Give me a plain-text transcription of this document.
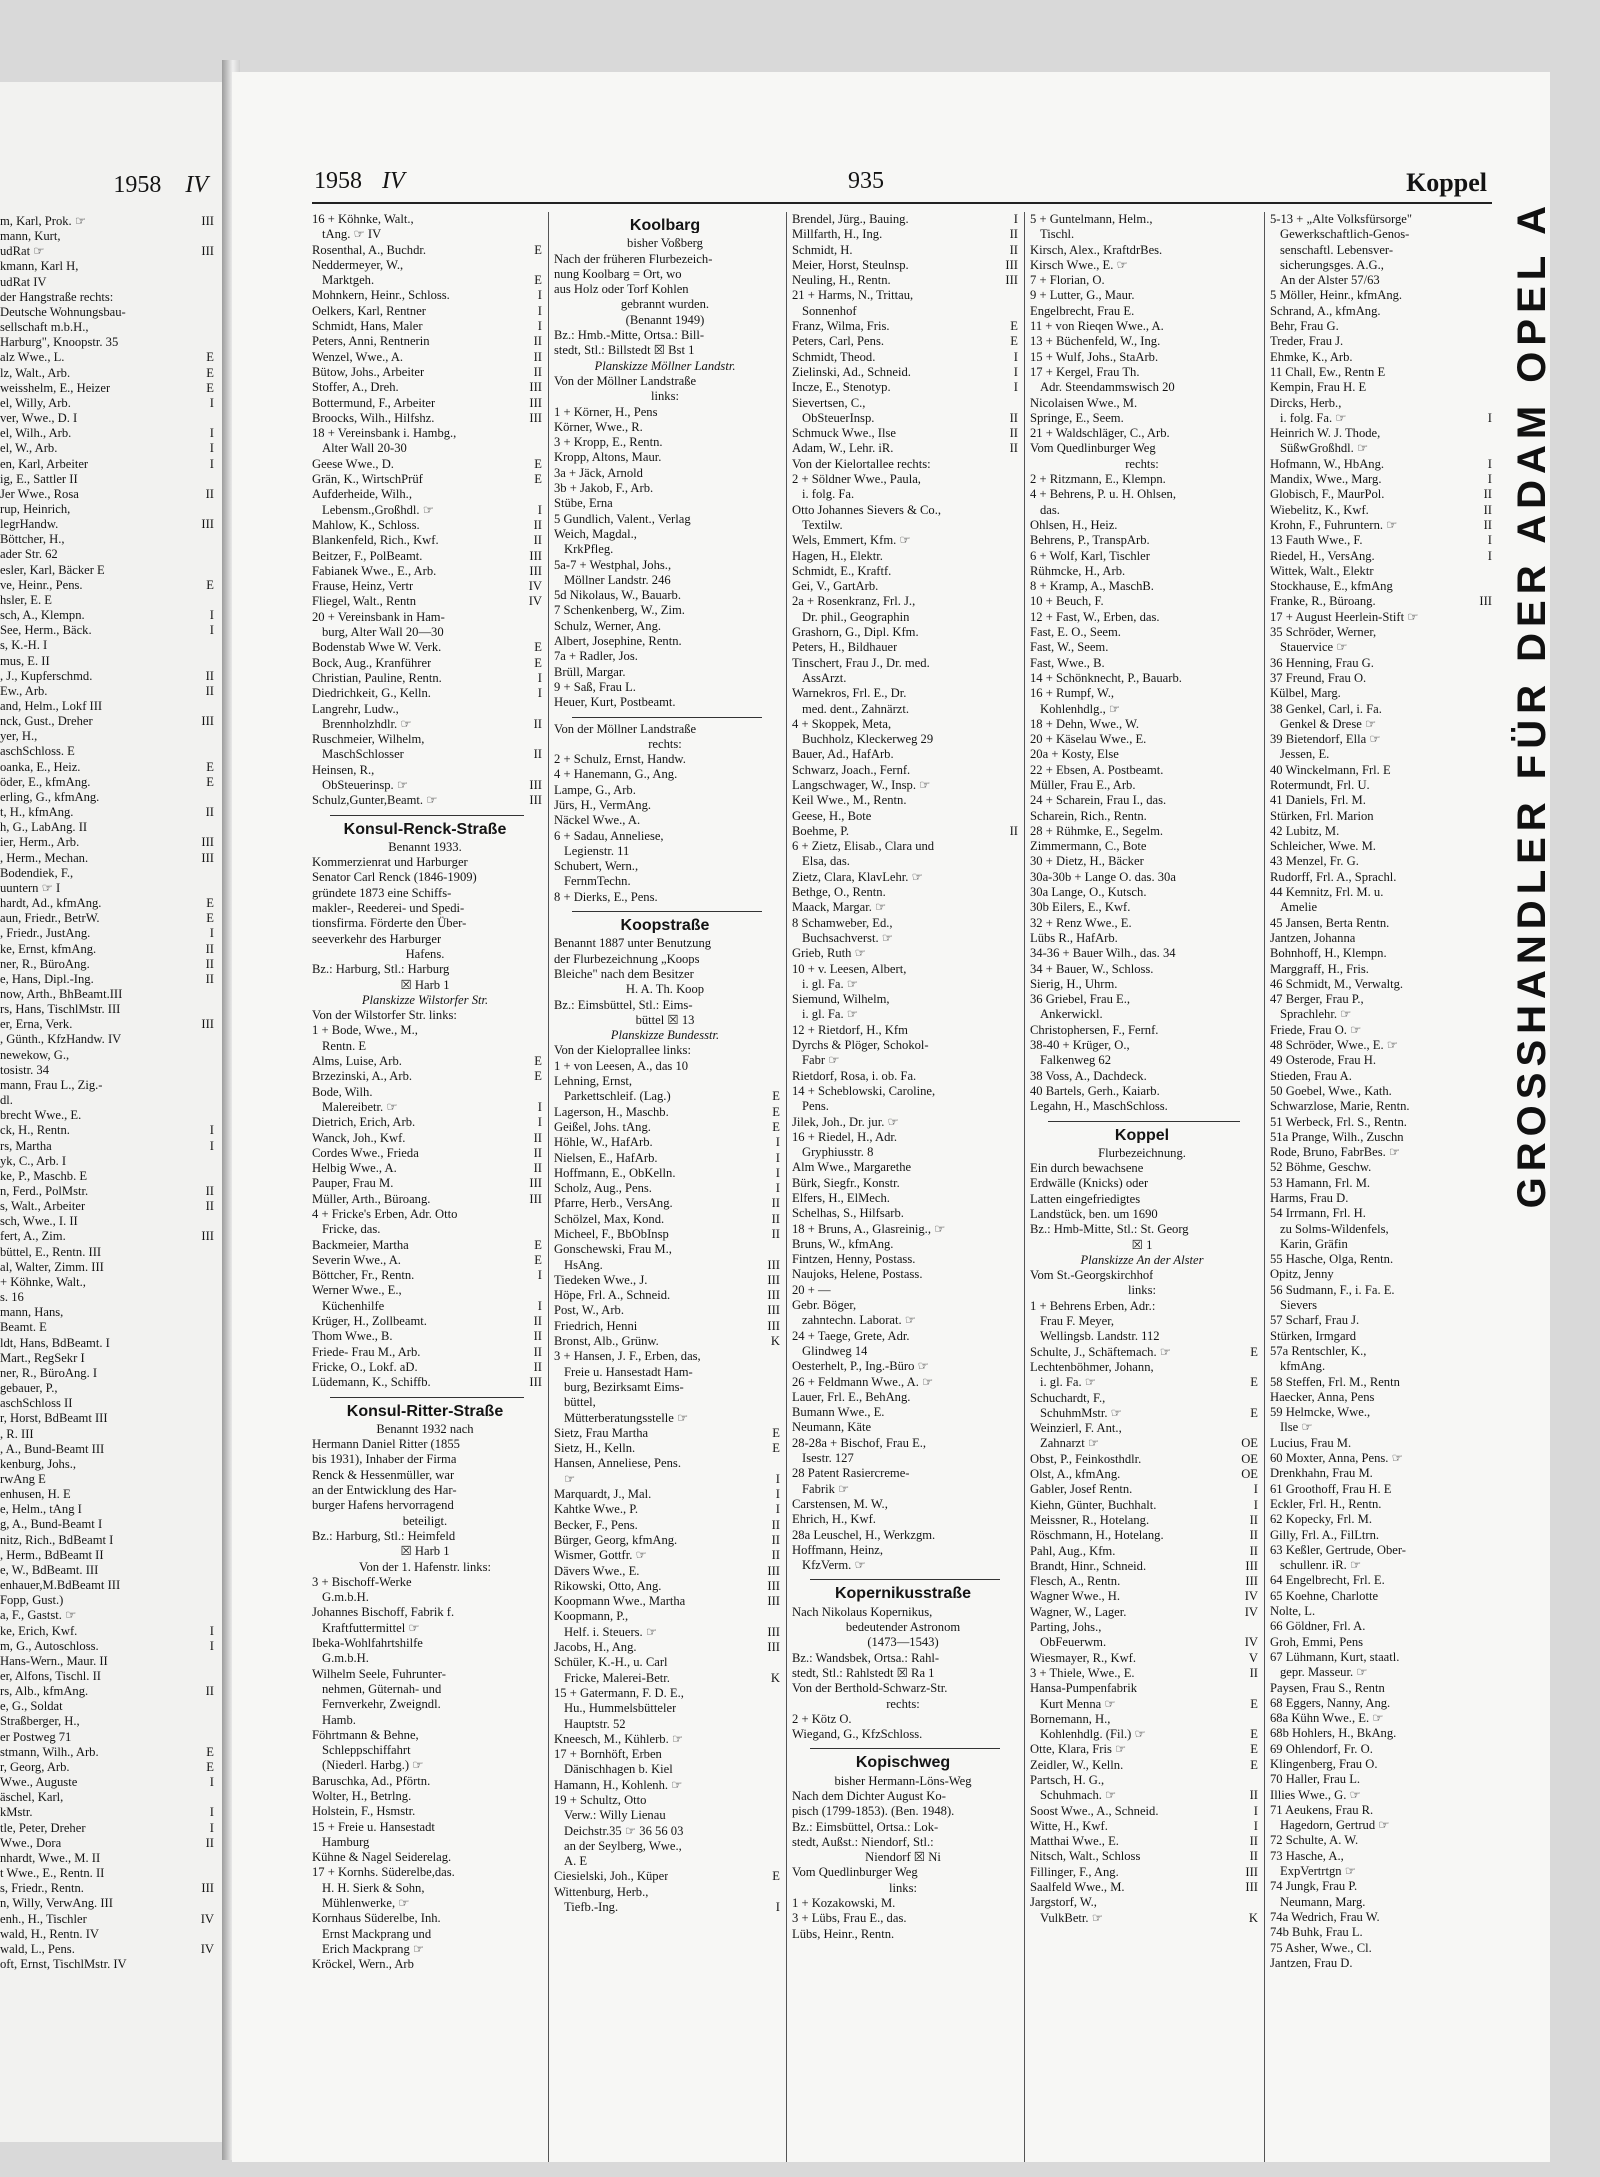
1958 IV
m, Karl, Prok. ☞	III
mann, Kurt,
udRat ☞	III
kmann, Karl H,
udRat IV
der Hangstraße rechts:
Deutsche Wohnungsbau-
sellschaft m.b.H.,
Harburg", Knoopstr. 35
alz Wwe., L.	E
lz, Walt., Arb.	E
weisshelm, E., Heizer	E
el, Willy, Arb.	I
ver, Wwe., D. I
el, Wilh., Arb.	I
el, W., Arb.	I
en, Karl, Arbeiter	I
ig, E., Sattler II
Jer Wwe., Rosa	II
rup, Heinrich,
legrHandw.	III
Böttcher, H.,
ader Str. 62
esler, Karl, Bäcker E
ve, Heinr., Pens.	E
hsler, E. E
sch, A., Klempn.	I
See, Herm., Bäck.	I
s, K.-H. I
mus, E. II
, J., Kupferschmd.	II
Ew., Arb.	II
and, Helm., Lokf III
nck, Gust., Dreher	III
yer, H.,
aschSchloss. E
oanka, E., Heiz.	E
öder, E., kfmAng.	E
erling, G., kfmAng.
t, H., kfmAng.	II
h, G., LabAng. II
ier, Herm., Arb.	III
, Herm., Mechan.	III
Bodendiek, F.,
uuntern ☞ I
hardt, Ad., kfmAng.	E
aun, Friedr., BetrW.	E
, Friedr., JustAng.	I
ke, Ernst, kfmAng.	II
ner, R., BüroAng.	II
e, Hans, Dipl.-Ing.	II
now, Arth., BhBeamt.III
rs, Hans, TischlMstr. III
er, Erna, Verk.	III
, Günth., KfzHandw. IV
newekow, G.,
tosistr. 34
mann, Frau L., Zig.-
dl.
brecht Wwe., E.
ck, H., Rentn.	I
rs, Martha	I
yk, C., Arb. I
ke, P., Maschb. E
n, Ferd., PolMstr.	II
s, Walt., Arbeiter	II
sch, Wwe., I. II
fert, A., Zim.	III
büttel, E., Rentn. III
al, Walter, Zimm. III
+ Köhnke, Walt.,
s. 16
mann, Hans,
Beamt. E
ldt, Hans, BdBeamt. I
Mart., RegSekr I
ner, R., BüroAng. I
gebauer, P.,
aschSchloss II
r, Horst, BdBeamt III
, R. III
, A., Bund-Beamt III
kenburg, Johs.,
rwAng E
enhusen, H. E
e, Helm., tAng I
g, A., Bund-Beamt I
nitz, Rich., BdBeamt I
, Herm., BdBeamt II
e, W., BdBeamt. III
enhauer,M.BdBeamt III
Fopp, Gust.)
a, F., Gastst. ☞
ke, Erich, Kwf.	I
m, G., Autoschloss.	I
Hans-Wern., Maur. II
er, Alfons, Tischl. II
rs, Alb., kfmAng.	II
e, G., Soldat
Straßberger, H.,
er Postweg 71
stmann, Wilh., Arb.	E
r, Georg, Arb.	E
Wwe., Auguste	I
äschel, Karl,
kMstr.	I
tle, Peter, Dreher	I
Wwe., Dora	II
nhardt, Wwe., M. II
t Wwe., E., Rentn. II
s, Friedr., Rentn.	III
n, Willy, VerwAng. III
enh., H., Tischler	IV
wald, H., Rentn. IV
wald, L., Pens.	IV
oft, Ernst, TischlMstr. IV
1958 IV	935	Koppel
16 + Köhnke, Walt.,
tAng. ☞ IV
Rosenthal, A., Buchdr.	E
Neddermeyer, W.,
Marktgeh.	E
Mohnkern, Heinr., Schloss.	I
Oelkers, Karl, Rentner	I
Schmidt, Hans, Maler	I
Peters, Anni, Rentnerin	II
Wenzel, Wwe., A.	II
Bütow, Johs., Arbeiter	II
Stoffer, A., Dreh.	III
Bottermund, F., Arbeiter	III
Broocks, Wilh., Hilfshz.	III
18 + Vereinsbank i. Hambg.,
Alter Wall 20-30
Geese Wwe., D.	E
Grän, K., WirtschPrüf	E
Aufderheide, Wilh.,
Lebensm.,Großhdl. ☞	I
Mahlow, K., Schloss.	II
Blankenfeld, Rich., Kwf.	II
Beitzer, F., PolBeamt.	III
Fabianek Wwe., E., Arb.	III
Frause, Heinz, Vertr	IV
Fliegel, Walt., Rentn	IV
20 + Vereinsbank in Ham-
burg, Alter Wall 20—30
Bodenstab Wwe W. Verk.	E
Bock, Aug., Kranführer	E
Christian, Pauline, Rentn.	I
Diedrichkeit, G., Kelln.	I
Langrehr, Ludw.,
Brennholzhdlr. ☞	II
Ruschmeier, Wilhelm,
MaschSchlosser	II
Heinsen, R.,
ObSteuerinsp. ☞	III
Schulz,Gunter,Beamt. ☞	III
Konsul-Renck-Straße
Benannt 1933.
Kommerzienrat und Harburger
Senator Carl Renck (1846-1909)
gründete 1873 eine Schiffs-
makler-, Reederei- und Spedi-
tionsfirma. Förderte den Über-
seeverkehr des Harburger
Hafens.
Bz.: Harburg, Stl.: Harburg
☒ Harb 1
Planskizze Wilstorfer Str.
Von der Wilstorfer Str. links:
1 + Bode, Wwe., M.,
Rentn. E
Alms, Luise, Arb.	E
Brzezinski, A., Arb.	E
Bode, Wilh.
Malereibetr. ☞	I
Dietrich, Erich, Arb.	I
Wanck, Joh., Kwf.	II
Cordes Wwe., Frieda	II
Helbig Wwe., A.	II
Pauper, Frau M.	III
Müller, Arth., Büroang.	III
4 + Fricke's Erben, Adr. Otto
Fricke, das.
Backmeier, Martha	E
Severin Wwe., A.	E
Böttcher, Fr., Rentn.	I
Werner Wwe., E.,
Küchenhilfe	I
Krüger, H., Zollbeamt.	II
Thom Wwe., B.	II
Friede- Frau M., Arb.	II
Fricke, O., Lokf. aD.	II
Lüdemann, K., Schiffb.	III
Konsul-Ritter-Straße
Benannt 1932 nach
Hermann Daniel Ritter (1855
bis 1931), Inhaber der Firma
Renck & Hessenmüller, war
an der Entwicklung des Har-
burger Hafens hervorragend
beteiligt.
Bz.: Harburg, Stl.: Heimfeld
☒ Harb 1
Von der 1. Hafenstr. links:
3 + Bischoff-Werke
G.m.b.H.
Johannes Bischoff, Fabrik f.
Kraftfuttermittel ☞
Ibeka-Wohlfahrtshilfe
G.m.b.H.
Wilhelm Seele, Fuhrunter-
nehmen, Güternah- und
Fernverkehr, Zweigndl.
Hamb.
Föhrtmann & Behne,
Schleppschiffahrt
(Niederl. Harbg.) ☞
Baruschka, Ad., Pförtn.
Wolter, H., Betrlng.
Holstein, F., Hsmstr.
15 + Freie u. Hansestadt
Hamburg
Kühne & Nagel Seiderelag.
17 + Kornhs. Süderelbe,das.
H. H. Sierk & Sohn,
Mühlenwerke, ☞
Kornhaus Süderelbe, Inh.
Ernst Mackprang und
Erich Mackprang ☞
Kröckel, Wern., Arb
Koolbarg
bisher Voßberg
Nach der früheren Flurbezeich-
nung Koolbarg = Ort, wo
aus Holz oder Torf Kohlen
gebrannt wurden.
(Benannt 1949)
Bz.: Hmb.-Mitte, Ortsa.: Bill-
stedt, Stl.: Billstedt ☒ Bst 1
Planskizze Möllner Landstr.
Von der Möllner Landstraße
links:
1 + Körner, H., Pens
Körner, Wwe., R.
3 + Kropp, E., Rentn.
Kropp, Altons, Maur.
3a + Jäck, Arnold
3b + Jakob, F., Arb.
Stübe, Erna
5 Gundlich, Valent., Verlag
Weich, Magdal.,
KrkPfleg.
5a-7 + Westphal, Johs.,
Möllner Landstr. 246
5d Nikolaus, W., Bauarb.
7 Schenkenberg, W., Zim.
Schulz, Werner, Ang.
Albert, Josephine, Rentn.
7a + Radler, Jos.
Brüll, Margar.
9 + Saß, Frau L.
Heuer, Kurt, Postbeamt.
Von der Möllner Landstraße
rechts:
2 + Schulz, Ernst, Handw.
4 + Hanemann, G., Ang.
Lampe, G., Arb.
Jürs, H., VermAng.
Näckel Wwe., A.
6 + Sadau, Anneliese,
Legienstr. 11
Schubert, Wern.,
FernmTechn.
8 + Dierks, E., Pens.
Koopstraße
Benannt 1887 unter Benutzung
der Flurbezeichnung „Koops
Bleiche" nach dem Besitzer
H. A. Th. Koop
Bz.: Eimsbüttel, Stl.: Eims-
büttel ☒ 13
Planskizze Bundesstr.
Von der Kieloртallee links:
1 + von Leesen, A., das 10
Lehning, Ernst,
Parkettschleif. (Lag.)	E
Lagerson, H., Maschb.	E
Geißel, Johs. tAng.	E
Höhle, W., HafArb.	I
Nielsen, E., HafArb.	I
Hoffmann, E., ObKelln.	I
Scholz, Aug., Pens.	I
Pfarre, Herb., VersAng.	II
Schölzel, Max, Kond.	II
Micheel, F., BbObInsp	II
Gonschewski, Frau M.,
HsAng.	III
Tiedeken Wwe., J.	III
Höpe, Frl. A., Schneid.	III
Post, W., Arb.	III
Friedrich, Henni	III
Bronst, Alb., Grünw.	K
3 + Hansen, J. F., Erben, das,
Freie u. Hansestadt Ham-
burg, Bezirksamt Eims-
büttel,
Mütterberatungsstelle ☞
Sietz, Frau Martha	E
Sietz, H., Kelln.	E
Hansen, Anneliese, Pens.
☞	I
Marquardt, J., Mal.	I
Kahtke Wwe., P.	I
Becker, F., Pens.	II
Bürger, Georg, kfmAng.	II
Wismer, Gottfr. ☞	II
Dävers Wwe., E.	III
Rikowski, Otto, Ang.	III
Koopmann Wwe., Martha	III
Koopmann, P.,
Helf. i. Steuers. ☞	III
Jacobs, H., Ang.	III
Schüler, K.-H., u. Carl
Fricke, Malerei-Betr.	K
15 + Gatermann, F. D. E.,
Hu., Hummelsbütteler
Hauptstr. 52
Kneesch, M., Kühlerb. ☞
17 + Bornhöft, Erben
Dänischhagen b. Kiel
Hamann, H., Kohlenh. ☞
19 + Schultz, Otto
Verw.: Willy Lienau
Deichstr.35 ☞ 36 56 03
an der Seylberg, Wwe.,
A. E
Ciesielski, Joh., Küper	E
Wittenburg, Herb.,
Tiefb.-Ing.	I
Brendel, Jürg., Bauing.	I
Millfarth, H., Ing.	II
Schmidt, H.	II
Meier, Horst, Steulnsp.	III
Neuling, H., Rentn.	III
21 + Harms, N., Trittau,
Sonnenhof
Franz, Wilma, Fris.	E
Peters, Carl, Pens.	E
Schmidt, Theod.	I
Zielinski, Ad., Schneid.	I
Incze, E., Stenotyp.	I
Sievertsen, C.,
ObSteuerInsp.	II
Schmuck Wwe., Ilse	II
Adam, W., Lehr. iR.	II
Von der Kielortallee rechts:
2 + Söldner Wwe., Paula,
i. folg. Fa.
Otto Johannes Sievers & Co.,
Textilw.
Wels, Emmert, Kfm. ☞
Hagen, H., Elektr.
Schmidt, E., Kraftf.
Gei, V., GartArb.
2a + Rosenkranz, Frl. J.,
Dr. phil., Geographin
Grashorn, G., Dipl. Kfm.
Peters, H., Bildhauer
Tinschert, Frau J., Dr. med.
AssArzt.
Warnekros, Frl. E., Dr.
med. dent., Zahnärzt.
4 + Skoppek, Meta,
Buchholz, Kleckerweg 29
Bauer, Ad., HafArb.
Schwarz, Joach., Fernf.
Langschwager, W., Insp. ☞
Keil Wwe., M., Rentn.
Geese, H., Bote
Boehme, P.	II
6 + Zietz, Elisab., Clara und
Elsa, das.
Zietz, Clara, KlavLehr. ☞
Bethge, O., Rentn.
Maack, Margar. ☞
8 Schamweber, Ed.,
Buchsachverst. ☞
Grieb, Ruth ☞
10 + v. Leesen, Albert,
i. gl. Fa. ☞
Siemund, Wilhelm,
i. gl. Fa. ☞
12 + Rietdorf, H., Kfm
Dyrchs & Plöger, Schokol-
Fabr ☞
Rietdorf, Rosa, i. ob. Fa.
14 + Scheblowski, Caroline,
Pens.
Jilek, Joh., Dr. jur. ☞
16 + Riedel, H., Adr.
Gryphiusstr. 8
Alm Wwe., Margarethe
Bürk, Siegfr., Konstr.
Elfers, H., ElMech.
Schelhas, S., Hilfsarb.
18 + Bruns, A., Glasreinig., ☞
Bruns, W., kfmAng.
Fintzen, Henny, Postass.
Naujoks, Helene, Postass.
20 + —
Gebr. Böger,
zahntechn. Laborat. ☞
24 + Taege, Grete, Adr.
Glindweg 14
Oesterhelt, P., Ing.-Büro ☞
26 + Feldmann Wwe., A. ☞
Lauer, Frl. E., BehAng.
Bumann Wwe., E.
Neumann, Käte
28-28a + Bischof, Frau E.,
Isestr. 127
28 Patent Rasiercreme-
Fabrik ☞
Carstensen, M. W.,
Ehrich, H., Kwf.
28a Leuschel, H., Werkzgm.
Hoffmann, Heinz,
KfzVerm. ☞
Kopernikusstraße
Nach Nikolaus Kopernikus,
bedeutender Astronom
(1473—1543)
Bz.: Wandsbek, Ortsa.: Rahl-
stedt, Stl.: Rahlstedt ☒ Ra 1
Von der Berthold-Schwarz-Str.
rechts:
2 + Kötz O.
Wiegand, G., KfzSchloss.
Kopischweg
bisher Hermann-Löns-Weg
Nach dem Dichter August Ko-
pisch (1799-1853). (Ben. 1948).
Bz.: Eimsbüttel, Ortsa.: Lok-
stedt, Außst.: Niendorf, Stl.:
Niendorf ☒ Ni
Vom Quedlinburger Weg
links:
1 + Kozakowski, M.
3 + Lübs, Frau E., das.
Lübs, Heinr., Rentn.
5 + Guntelmann, Helm.,
Tischl.
Kirsch, Alex., KraftdrBes.
Kirsch Wwe., E. ☞
7 + Florian, O.
9 + Lutter, G., Maur.
Engelbrecht, Frau E.
11 + von Rieqen Wwe., A.
13 + Büchenfeld, W., Ing.
15 + Wulf, Johs., StaArb.
17 + Kergel, Frau Th.
Adr. Steendammswisch 20
Nicolaisen Wwe., M.
Springe, E., Seem.
21 + Waldschläger, C., Arb.
Vom Quedlinburger Weg
rechts:
2 + Ritzmann, E., Klempn.
4 + Behrens, P. u. H. Ohlsen,
das.
Ohlsen, H., Heiz.
Behrens, P., TranspArb.
6 + Wolf, Karl, Tischler
Rühmcke, H., Arb.
8 + Kramp, A., MaschB.
10 + Beuch, F.
12 + Fast, W., Erben, das.
Fast, E. O., Seem.
Fast, W., Seem.
Fast, Wwe., B.
14 + Schönknecht, P., Bauarb.
16 + Rumpf, W.,
Kohlenhdlg., ☞
18 + Dehn, Wwe., W.
20 + Käselau Wwe., E.
20a + Kosty, Else
22 + Ebsen, A. Postbeamt.
Müller, Frau E., Arb.
24 + Scharein, Frau I., das.
Scharein, Rich., Rentn.
28 + Rühmke, E., Segelm.
Zimmermann, C., Bote
30 + Dietz, H., Bäcker
30a-30b + Lange O. das. 30a
30a Lange, O., Kutsch.
30b Eilers, E., Kwf.
32 + Renz Wwe., E.
Lübs R., HafArb.
34-36 + Bauer Wilh., das. 34
34 + Bauer, W., Schloss.
Sierig, H., Uhrm.
36 Griebel, Frau E.,
Ankerwickl.
Christophersen, F., Fernf.
38-40 + Krüger, O.,
Falkenweg 62
38 Voss, A., Dachdeck.
40 Bartels, Gerh., Kaiarb.
Legahn, H., MaschSchloss.
Koppel
Flurbezeichnung.
Ein durch bewachsene
Erdwälle (Knicks) oder
Latten eingefriedigtes
Landstück, ben. um 1690
Bz.: Hmb-Mitte, Stl.: St. Georg
☒ 1
Planskizze An der Alster
Vom St.-Georgskirchhof
links:
1 + Behrens Erben, Adr.:
Frau F. Meyer,
Wellingsb. Landstr. 112
Schulte, J., Schäftemach. ☞	E
Lechtenböhmer, Johann,
i. gl. Fa. ☞	E
Schuchardt, F.,
SchuhmMstr. ☞	E
Weinzierl, F. Ant.,
Zahnarzt ☞	OE
Obst, P., Feinkosthdlr.	OE
Olst, A., kfmAng.	OE
Gabler, Josef Rentn.	I
Kiehn, Günter, Buchhalt.	I
Meissner, R., Hotelang.	II
Röschmann, H., Hotelang.	II
Pahl, Aug., Kfm.	II
Brandt, Hinr., Schneid.	III
Flesch, A., Rentn.	III
Wagner Wwe., H.	IV
Wagner, W., Lager.	IV
Parting, Johs.,
ObFeuerwm.	IV
Wiesmayer, R., Kwf.	V
3 + Thiele, Wwe., E.	II
Hansa-Pumpenfabrik
Kurt Menna ☞	E
Bornemann, H.,
Kohlenhdlg. (Fil.) ☞	E
Otte, Klara, Fris ☞	E
Zeidler, W., Kelln.	E
Partsch, H. G.,
Schuhmach. ☞	II
Soost Wwe., A., Schneid.	I
Witte, H., Kwf.	I
Matthai Wwe., E.	II
Nitsch, Walt., Schloss	II
Fillinger, F., Ang.	III
Saalfeld Wwe., M.	III
Jargstorf, W.,
VulkBetr. ☞	K
5-13 + „Alte Volksfürsorge"
Gewerkschaftlich-Genos-
senschaftl. Lebensver-
sicherungsges. A.G.,
An der Alster 57/63
5 Möller, Heinr., kfmAng.
Schrand, A., kfmAng.
Behr, Frau G.
Treder, Frau J.
Ehmke, K., Arb.
11 Chall, Ew., Rentn E
Kempin, Frau H. E
Dircks, Herb.,
i. folg. Fa. ☞	I
Heinrich W. J. Thode,
SüßwGroßhdl. ☞
Hofmann, W., HbAng.	I
Mandix, Wwe., Marg.	I
Globisch, F., MaurPol.	II
Wiebelitz, K., Kwf.	II
Krohn, F., Fuhruntern. ☞	II
13 Fauth Wwe., F.	I
Riedel, H., VersAng.	I
Wittek, Walt., Elektr
Stockhause, E., kfmAng
Franke, R., Büroang.	III
17 + August Heerlein-Stift ☞
35 Schröder, Werner,
Stauervice ☞
36 Henning, Frau G.
37 Freund, Frau O.
Külbel, Marg.
38 Genkel, Carl, i. Fa.
Genkel & Drese ☞
39 Bietendorf, Ella ☞
Jessen, E.
40 Winckelmann, Frl. E
Rotermundt, Frl. U.
41 Daniels, Frl. M.
Stürken, Frl. Marion
42 Lubitz, M.
Schleicher, Wwe. M.
43 Menzel, Fr. G.
Rudorff, Frl. A., Sprachl.
44 Kemnitz, Frl. M. u.
Amelie
45 Jansen, Berta Rentn.
Jantzen, Johanna
Bohnhoff, H., Klempn.
Marggraff, H., Fris.
46 Schmidt, M., Verwaltg.
47 Berger, Frau P.,
Sprachlehr. ☞
Friede, Frau O. ☞
48 Schröder, Wwe., E. ☞
49 Osterode, Frau H.
Stieden, Frau A.
50 Goebel, Wwe., Kath.
Schwarzlose, Marie, Rentn.
51 Werbeck, Frl. S., Rentn.
51a Prange, Wilh., Zuschn
Rode, Bruno, FabrBes. ☞
52 Böhme, Geschw.
53 Hamann, Frl. M.
Harms, Frau D.
54 Irrmann, Frl. H.
zu Solms-Wildenfels,
Karin, Gräfin
55 Hasche, Olga, Rentn.
Opitz, Jenny
56 Sudmann, F., i. Fa. E.
Sievers
57 Scharf, Frau J.
Stürken, Irmgard
57a Rentschler, K.,
kfmAng.
58 Steffen, Frl. M., Rentn
Haecker, Anna, Pens
59 Helmcke, Wwe.,
Ilse ☞
Lucius, Frau M.
60 Moxter, Anna, Pens. ☞
Drenkhahn, Frau M.
61 Groothoff, Frau H. E
Eckler, Frl. H., Rentn.
62 Kopecky, Frl. M.
Gilly, Frl. A., FilLtrn.
63 Keßler, Gertrude, Ober-
schullenr. iR. ☞
64 Engelbrecht, Frl. E.
65 Koehne, Charlotte
Nolte, L.
66 Göldner, Frl. A.
Groh, Emmi, Pens
67 Lühmann, Kurt, staatl.
gepr. Masseur. ☞
Paysen, Frau S., Rentn
68 Eggers, Nanny, Ang.
68a Kühn Wwe., E. ☞
68b Hohlers, H., BkAng.
69 Ohlendorf, Fr. O.
Klingenberg, Frau O.
70 Haller, Frau L.
Illies Wwe., G. ☞
71 Aeukens, Frau R.
Hagedorn, Gertrud ☞
72 Schulte, A. W.
73 Hasche, A.,
ExpVertrtgn ☞
74 Jungk, Frau P.
Neumann, Marg.
74a Wedrich, Frau W.
74b Buhk, Frau L.
75 Asher, Wwe., Cl.
Jantzen, Frau D.
GROSSHANDLER FÜR DER ADAM OPEL A
